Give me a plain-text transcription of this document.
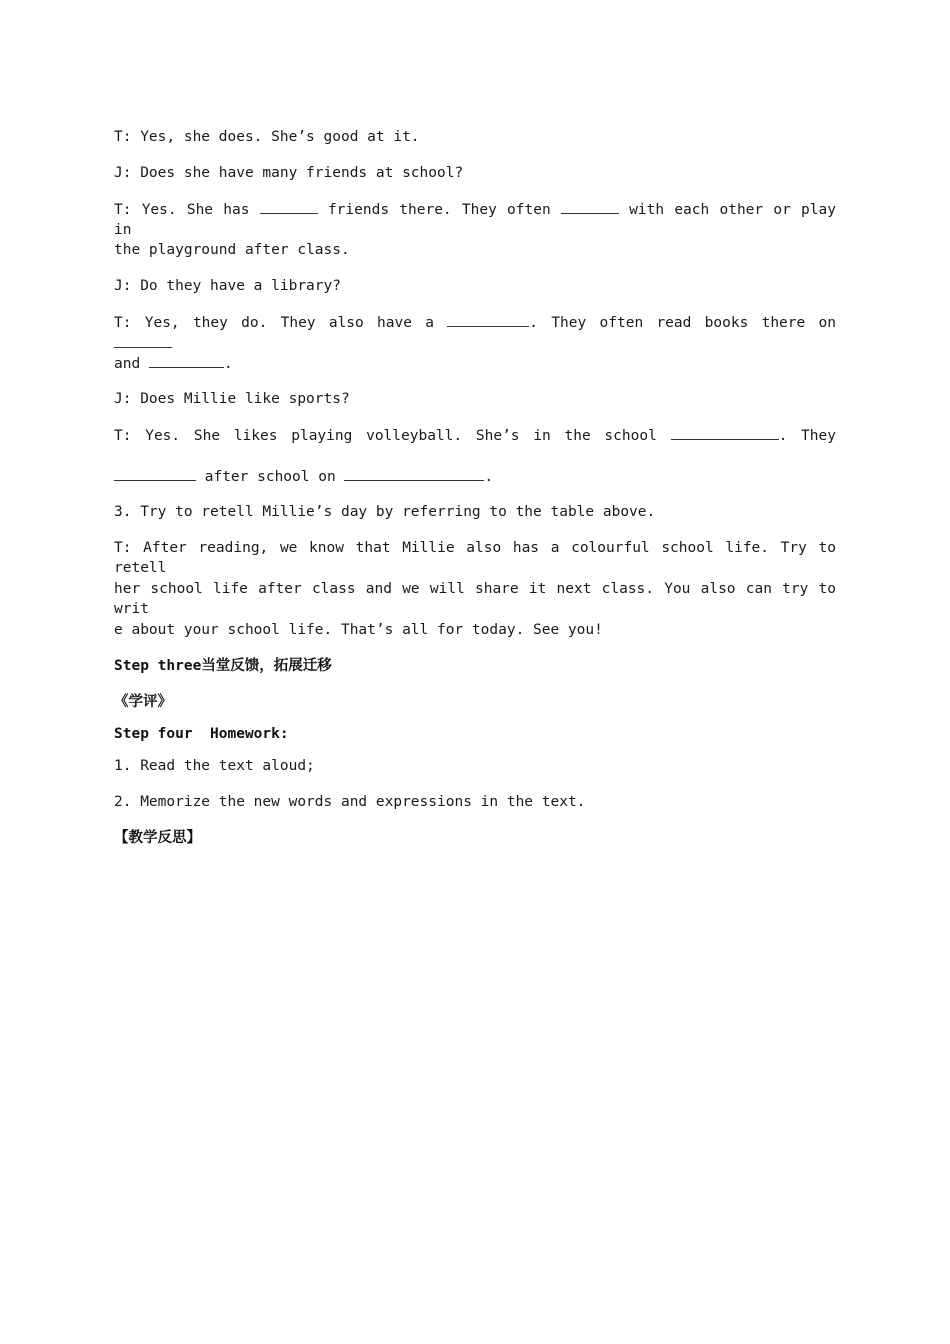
T: Yes, she does. She’s good at it.
J: Does she have many friends at school?
T: Yes. She has	friends there. They often	with each other or play in
the playground after class.
J: Do they have a library?
T: Yes, they do. They also have a	. They often read books there on
and	.
J: Does Millie like sports?
T: Yes. She likes playing volleyball. She’s in the school	. They
after school on	.
3. Try to retell Millie’s day by referring to the table above.
T: After reading, we know that Millie also has a colourful school life. Try to retell
her school life after class and we will share it next class. You also can try to writ
e about your school life. That’s all for today. See you!
Step three当堂反馈，拓展迁移
《学评》
Step four  Homework:
1. Read the text aloud;
2. Memorize the new words and expressions in the text.
【教学反思】
